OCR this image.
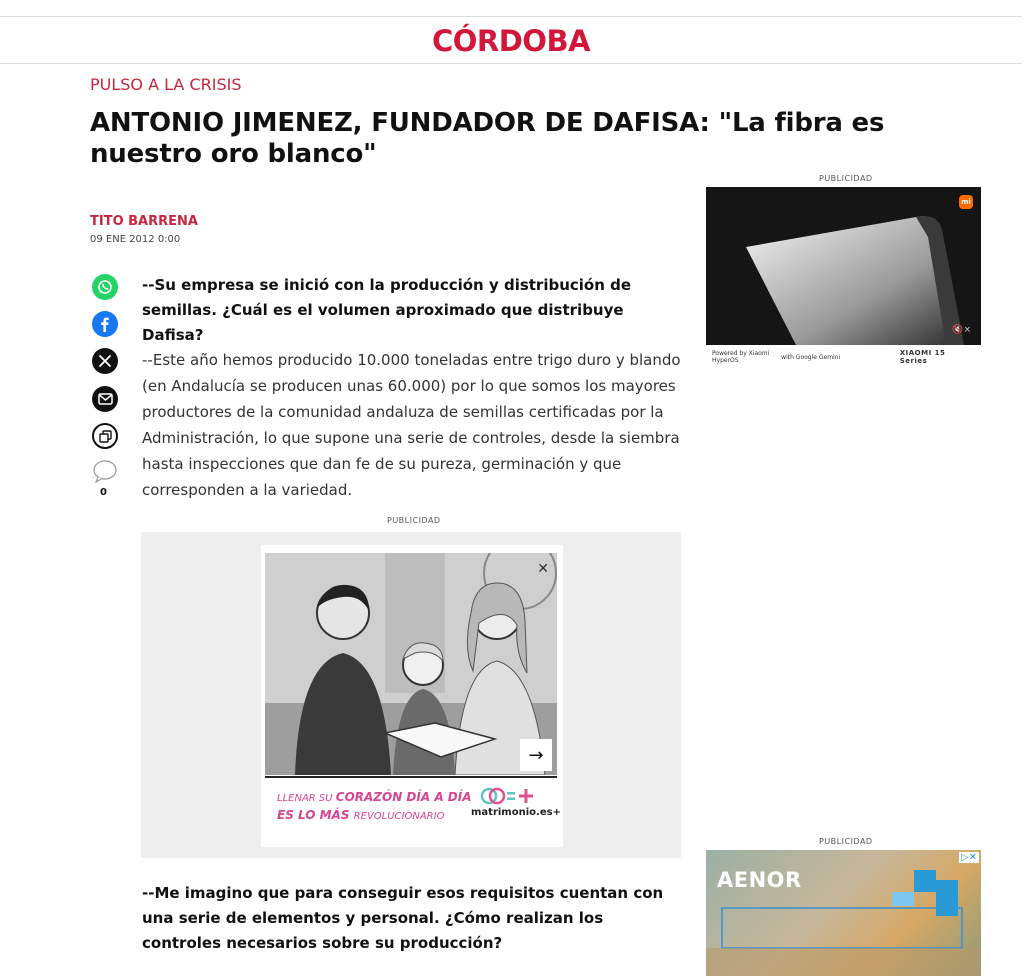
CÓRDOBA
PULSO A LA CRISIS
ANTONIO JIMENEZ, FUNDADOR DE DAFISA: "La fibra es nuestro oro blanco"
TITO BARRENA
09 ENE 2012 0:00
0

--Su empresa se inició con la producción y distribución de semillas. ¿Cuál es el volumen aproximado que distribuye Dafisa?

--Este año hemos producido 10.000 toneladas entre trigo duro y blando (en Andalucía se producen unas 60.000) por lo que somos los mayores productores de la comunidad andaluza de semillas certificadas por la Administración, lo que supone una serie de controles, desde la siembra hasta inspecciones que dan fe de su pureza, germinación y que corresponden a la variedad.

PUBLICIDAD
✕
→
LLENAR SU CORAZÓN DÍA A DÍA
ES LO MÁS REVOLUCIONARIO	matrimonio.es+

--Me imagino que para conseguir esos requisitos cuentan con una serie de elementos y personal. ¿Cómo realizan los controles necesarios sobre su producción?

PUBLICIDAD
mi
🔇×
Powered by Xiaomi HyperOS	with Google Gemini	XIAOMI 15 Series
PUBLICIDAD
AENOR
▷✕
